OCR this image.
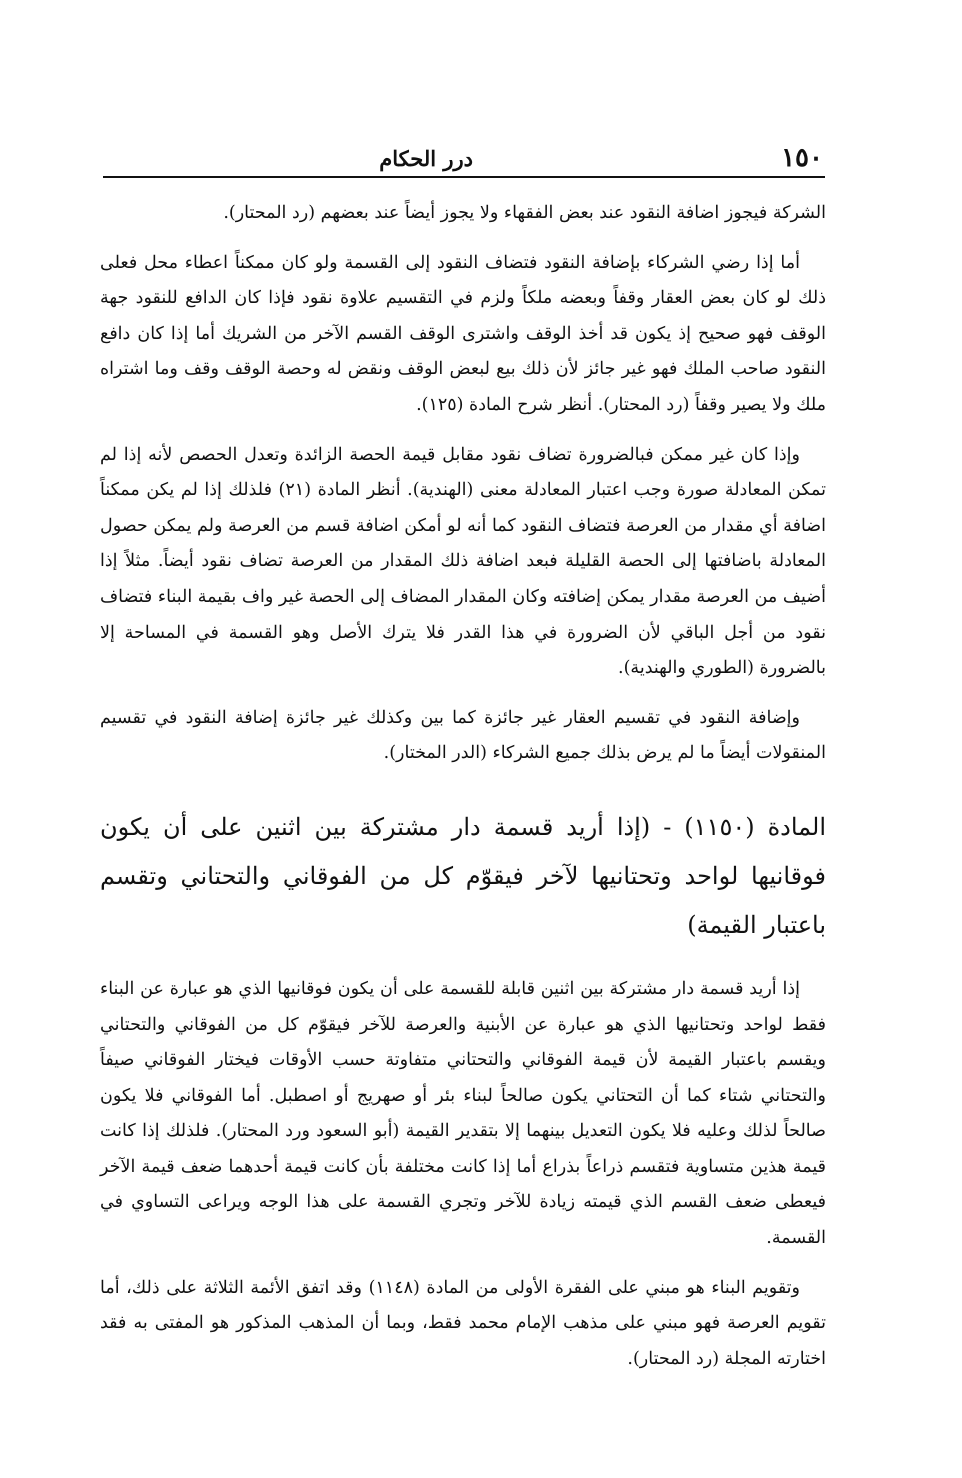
١٥٠
درر الحكام

الشركة فيجوز اضافة النقود عند بعض الفقهاء ولا يجوز أيضاً عند بعضهم (رد المحتار).

أما إذا رضي الشركاء بإضافة النقود فتضاف النقود إلى القسمة ولو كان ممكناً اعطاء محل فعلى ذلك لو كان بعض العقار وقفاً وبعضه ملكاً ولزم في التقسيم علاوة نقود فإذا كان الدافع للنقود جهة الوقف فهو صحيح إذ يكون قد أخذ الوقف واشترى الوقف القسم الآخر من الشريك أما إذا كان دافع النقود صاحب الملك فهو غير جائز لأن ذلك بيع لبعض الوقف ونقض له وحصة الوقف وقف وما اشتراه ملك ولا يصير وقفاً (رد المحتار). أنظر شرح المادة (١٢٥).

وإذا كان غير ممكن فبالضرورة تضاف نقود مقابل قيمة الحصة الزائدة وتعدل الحصص لأنه إذا لم تمكن المعادلة صورة وجب اعتبار المعادلة معنى (الهندية). أنظر المادة (٢١) فلذلك إذا لم يكن ممكناً اضافة أي مقدار من العرصة فتضاف النقود كما أنه لو أمكن اضافة قسم من العرصة ولم يمكن حصول المعادلة باضافتها إلى الحصة القليلة فبعد اضافة ذلك المقدار من العرصة تضاف نقود أيضاً. مثلاً إذا أضيف من العرصة مقدار يمكن إضافته وكان المقدار المضاف إلى الحصة غير واف بقيمة البناء فتضاف نقود من أجل الباقي لأن الضرورة في هذا القدر فلا يترك الأصل وهو القسمة في المساحة إلا بالضرورة (الطوري والهندية).

وإضافة النقود في تقسيم العقار غير جائزة كما بين وكذلك غير جائزة إضافة النقود في تقسيم المنقولات أيضاً ما لم يرض بذلك جميع الشركاء (الدر المختار).

المادة (١١٥٠) - (إذا أريد قسمة دار مشتركة بين اثنين على أن يكون فوقانيها لواحد وتحتانيها لآخر فيقوّم كل من الفوقاني والتحتاني وتقسم باعتبار القيمة)

إذا أريد قسمة دار مشتركة بين اثنين قابلة للقسمة على أن يكون فوقانيها الذي هو عبارة عن البناء فقط لواحد وتحتانيها الذي هو عبارة عن الأبنية والعرصة للآخر فيقوّم كل من الفوقاني والتحتاني ويقسم باعتبار القيمة لأن قيمة الفوقاني والتحتاني متفاوتة حسب الأوقات فيختار الفوقاني صيفاً والتحتاني شتاء كما أن التحتاني يكون صالحاً لبناء بئر أو صهريج أو اصطبل. أما الفوقاني فلا يكون صالحاً لذلك وعليه فلا يكون التعديل بينهما إلا بتقدير القيمة (أبو السعود ورد المحتار). فلذلك إذا كانت قيمة هذين متساوية فتقسم ذراعاً بذراع أما إذا كانت مختلفة بأن كانت قيمة أحدهما ضعف قيمة الآخر فيعطى ضعف القسم الذي قيمته زيادة للآخر وتجري القسمة على هذا الوجه ويراعى التساوي في القسمة.

وتقويم البناء هو مبني على الفقرة الأولى من المادة (١١٤٨) وقد اتفق الأئمة الثلاثة على ذلك، أما تقويم العرصة فهو مبني على مذهب الإمام محمد فقط، وبما أن المذهب المذكور هو المفتى به فقد اختارته المجلة (رد المحتار).
